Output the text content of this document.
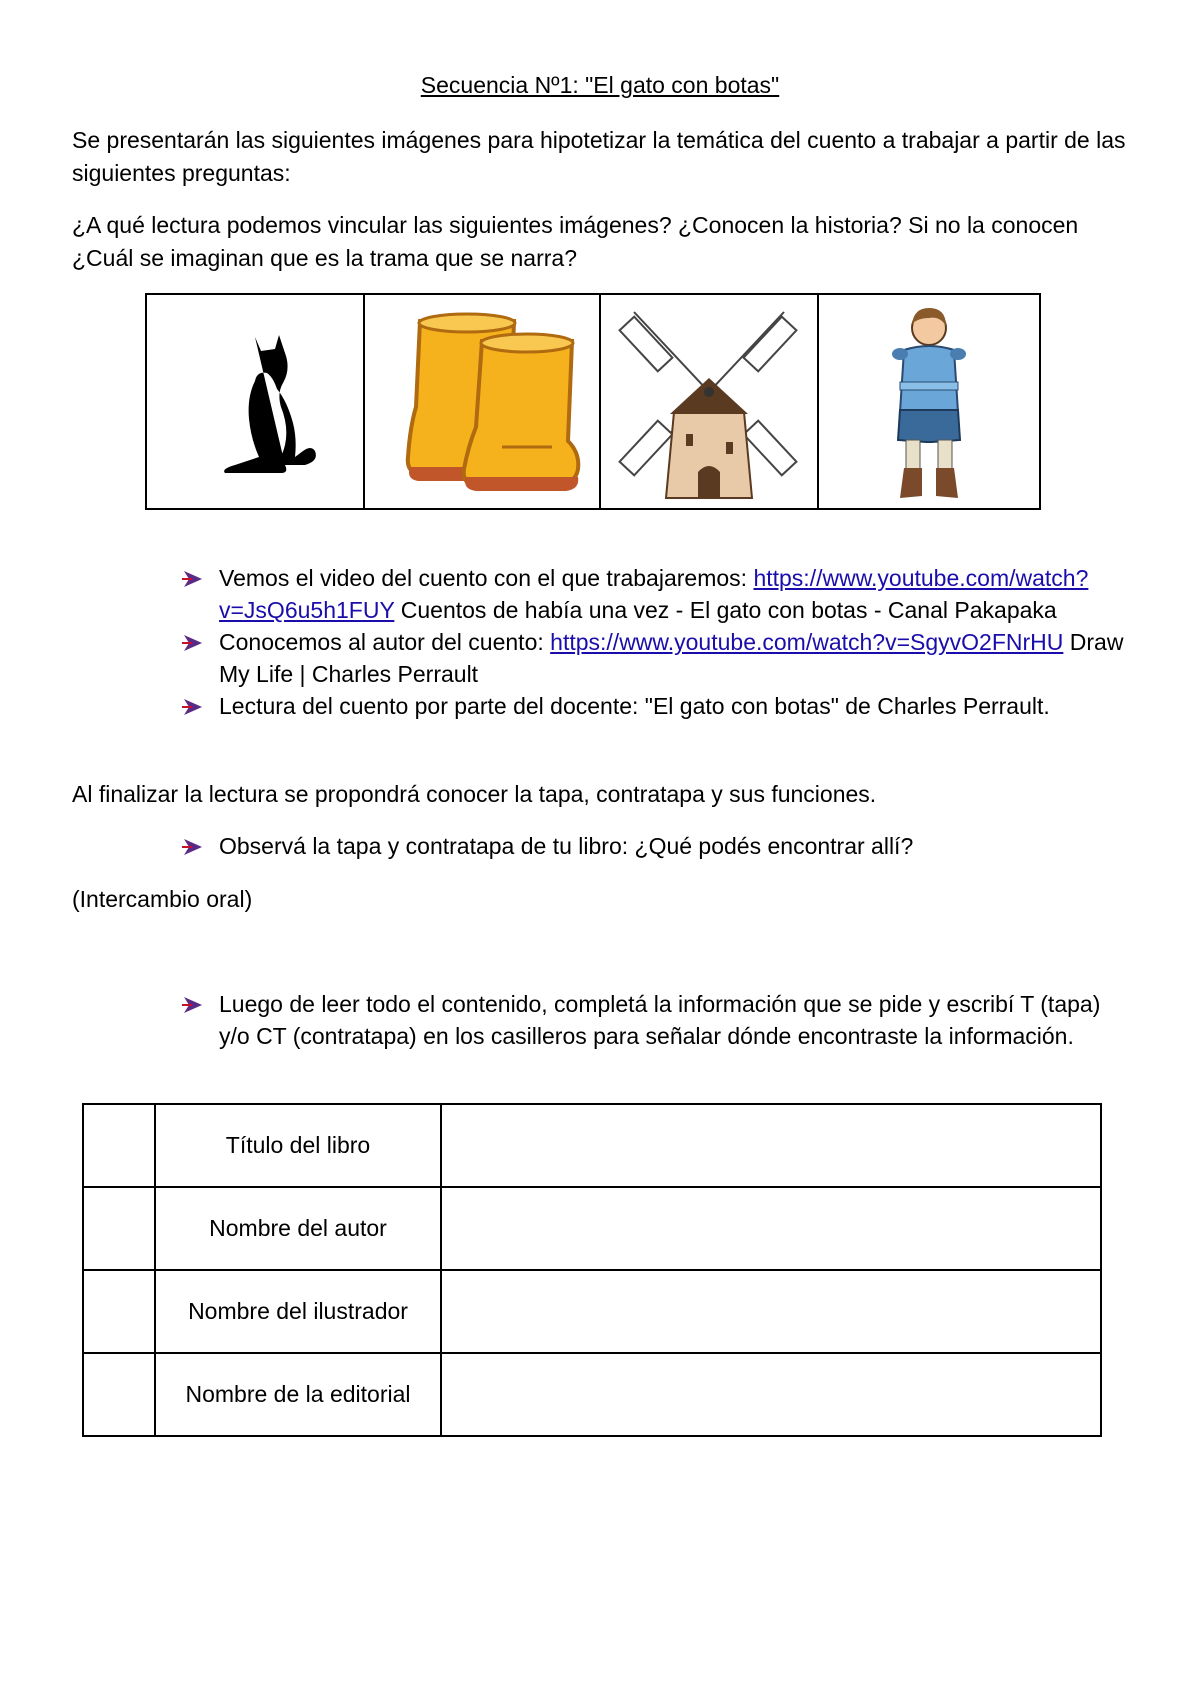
Secuencia Nº1: "El gato con botas"

Se presentarán las siguientes imágenes para hipotetizar la temática del cuento a trabajar a partir de las siguientes preguntas:

¿A qué lectura podemos vincular las siguientes imágenes? ¿Conocen la historia? Si no la conocen ¿Cuál se imaginan que es la trama que se narra?

Vemos el video del cuento con el que trabajaremos: https://www.youtube.com/watch?v=JsQ6u5h1FUY Cuentos de había una vez - El gato con botas - Canal Pakapaka
Conocemos al autor del cuento: https://www.youtube.com/watch?v=SgyvO2FNrHU Draw My Life | Charles Perrault
Lectura del cuento por parte del docente: "El gato con botas" de Charles Perrault.

Al finalizar la lectura se propondrá conocer la tapa, contratapa y sus funciones.

Observá la tapa y contratapa de tu libro: ¿Qué podés encontrar allí?

(Intercambio oral)

Luego de leer todo el contenido, completá la información que se pide y escribí T (tapa) y/o CT (contratapa) en los casilleros para señalar dónde encontraste la información.
	Título del libro	
	Nombre del autor	
	Nombre del ilustrador	
	Nombre de la editorial	
